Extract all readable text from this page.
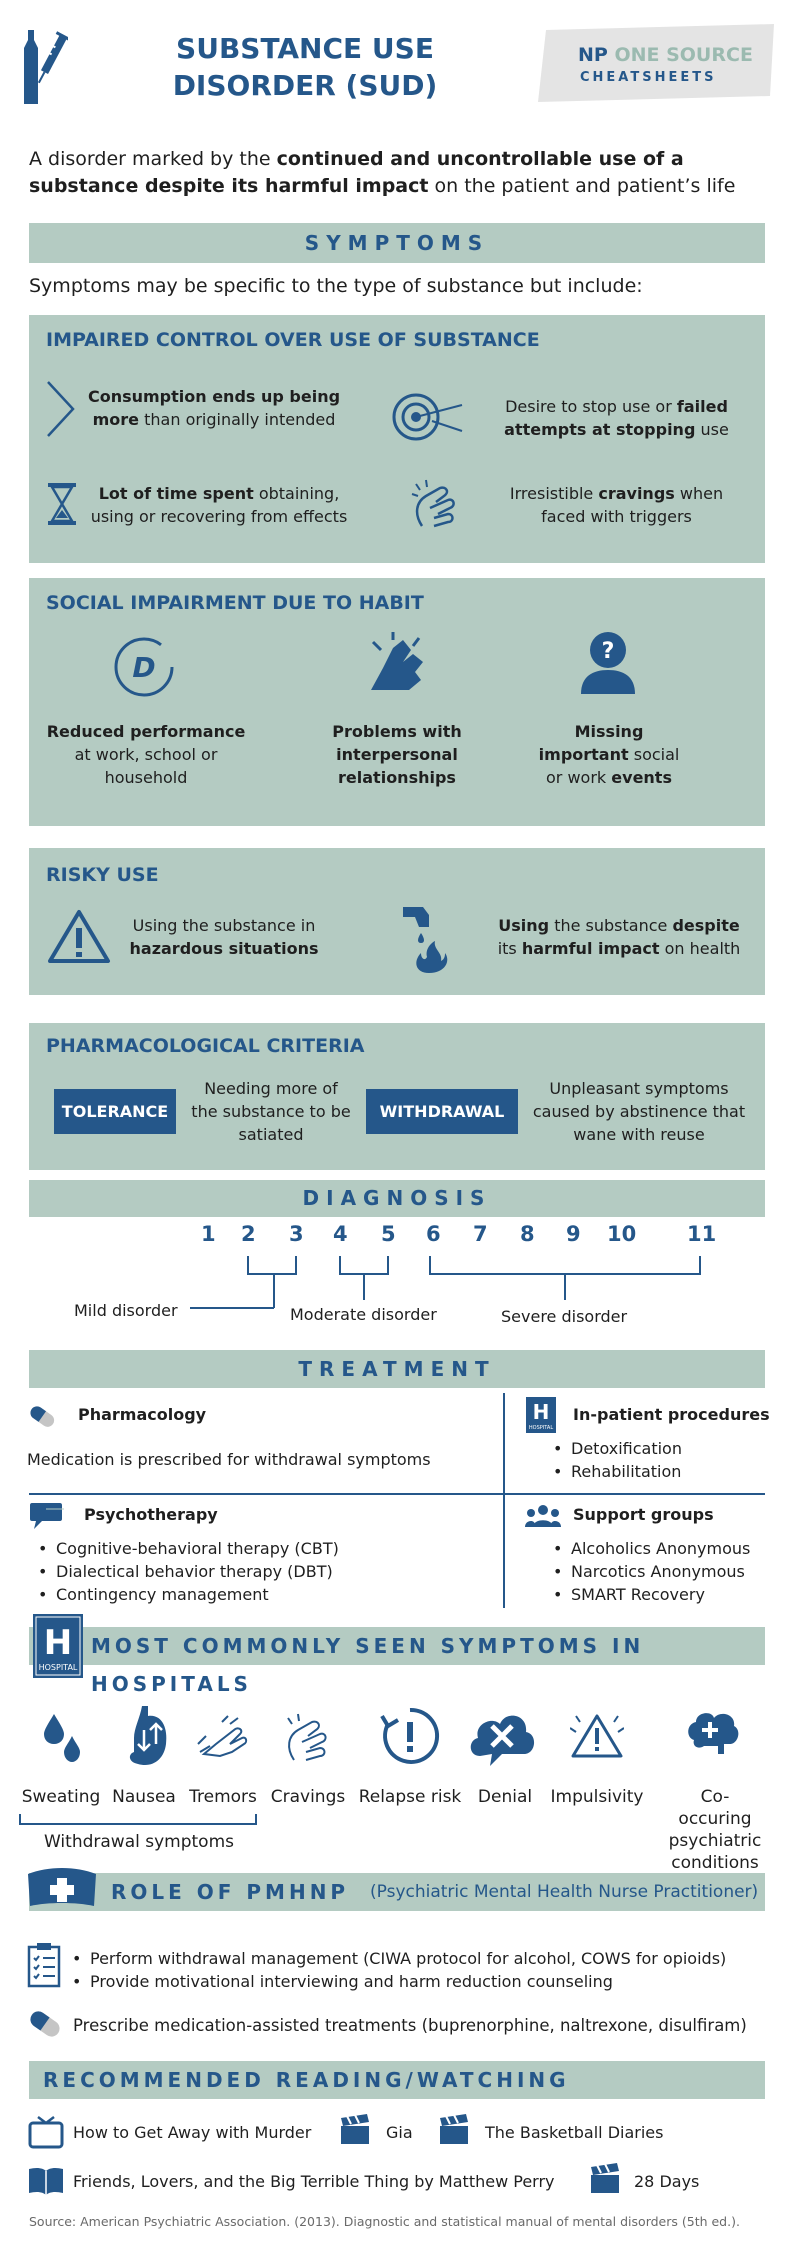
SUBSTANCE USE
DISORDER (SUD)
NP ONE SOURCE
CHEATSHEETS
A disorder marked by the continued and uncontrollable use of a substance despite its harmful impact on the patient and patient’s life
SYMPTOMS
Symptoms may be specific to the type of substance but include:
IMPAIRED CONTROL OVER USE OF SUBSTANCE
Consumption ends up being more than originally intended
Desire to stop use or failed attempts at stopping use
Lot of time spent obtaining, using or recovering from effects
Irresistible cravings when faced with triggers
SOCIAL IMPAIRMENT DUE TO HABIT
D
Reduced performance at work, school or household
Problems with interpersonal relationships
?
Missing important social or work events
RISKY USE
Using the substance in hazardous situations
Using the substance despite its harmful impact on health
PHARMACOLOGICAL CRITERIA
TOLERANCE
Needing more of the substance to be satiated
WITHDRAWAL
Unpleasant symptoms caused by abstinence that wane with reuse
DIAGNOSIS
1 2 3 4 5 6 7 8 9 10 11
Mild disorder	Moderate disorder	Severe disorder
TREATMENT
Pharmacology
Medication is prescribed for withdrawal symptoms
H
HOSPITAL
In-patient procedures
• Detoxification
• Rehabilitation
Psychotherapy
• Cognitive-behavioral therapy (CBT)
• Dialectical behavior therapy (DBT)
• Contingency management
Support groups
• Alcoholics Anonymous
• Narcotics Anonymous
• SMART Recovery
MOST COMMONLY SEEN SYMPTOMS IN HOSPITALS
H
HOSPITAL
Sweating Nausea Tremors Cravings Relapse risk Denial	Impulsivity	Co-occuring psychiatric conditions
Withdrawal symptoms
ROLE OF PMHNP (Psychiatric Mental Health Nurse Practitioner)
• Perform withdrawal management (CIWA protocol for alcohol, COWS for opioids)
• Provide motivational interviewing and harm reduction counseling
Prescribe medication-assisted treatments (buprenorphine, naltrexone, disulfiram)
RECOMMENDED READING/WATCHING
How to Get Away with Murder	Gia	The Basketball Diaries
Friends, Lovers, and the Big Terrible Thing by Matthew Perry	28 Days
Source: American Psychiatric Association. (2013). Diagnostic and statistical manual of mental disorders (5th ed.).
